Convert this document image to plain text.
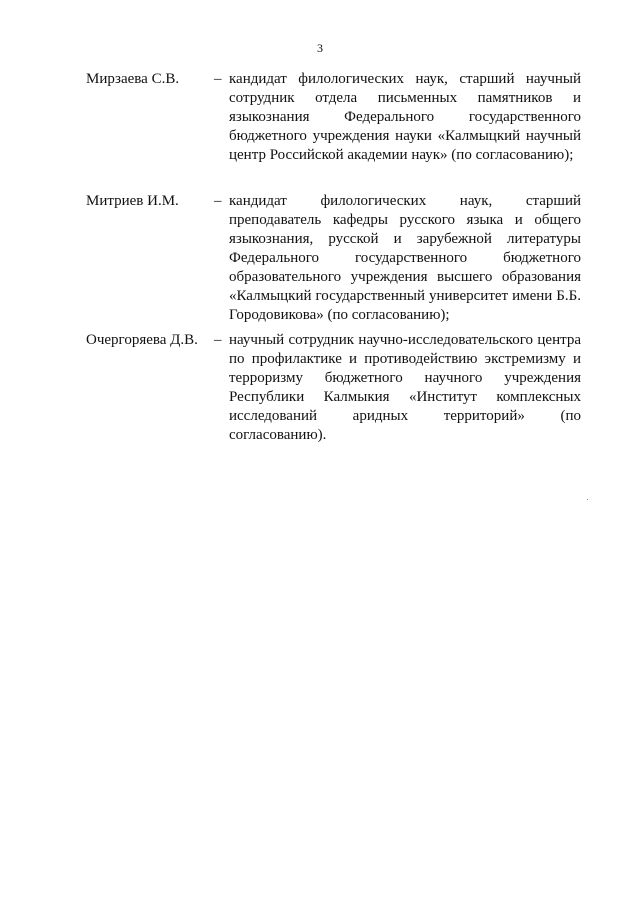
3
Мирзаева С.В.	– кандидат филологических наук, старший научный сотрудник отдела письменных памятников и языкознания Федерального государственного бюджетного учреждения науки «Калмыцкий научный центр Российской академии наук» (по согласованию);
Митриев И.М.	– кандидат филологических наук, старший преподаватель кафедры русского языка и общего языкознания, русской и зарубежной литературы Федерального государственного бюджетного образовательного учреждения высшего образования «Калмыцкий государственный университет имени Б.Б. Городовикова» (по согласованию);
Очергоряева Д.В.	– научный сотрудник научно-исследовательского центра по профилактике и противодействию экстремизму и терроризму бюджетного научного учреждения Республики Калмыкия «Институт комплексных исследований аридных территорий» (по согласованию).
